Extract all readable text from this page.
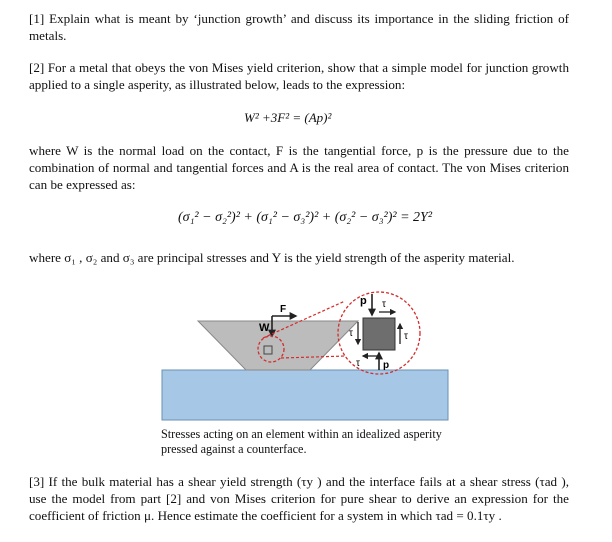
[1] Explain what is meant by ‘junction growth’ and discuss its importance in the sliding friction of metals.

[2] For a metal that obeys the von Mises yield criterion, show that a simple model for junction growth applied to a single asperity, as illustrated below, leads to the expression:

W² +3F² = (Ap)²

where W is the normal load on the contact, F is the tangential force, p is the pressure due to the combination of normal and tangential forces and A is the real area of contact. The von Mises criterion can be expressed as:

(σ₁² − σ₂²)² + (σ₁² − σ₃²)² + (σ₂² − σ₃²)² = 2Y²

where σ₁ , σ₂ and σ₃ are principal stresses and Y is the yield strength of the asperity material.

W
F
p τ
τ
τ
τ p

Stresses acting on an element within an idealized asperity pressed against a counterface.

[3] If the bulk material has a shear yield strength (τy ) and the interface fails at a shear stress (τad ), use the model from part [2] and von Mises criterion for pure shear to derive an expression for the coefficient of friction μ. Hence estimate the coefficient for a system in which τad = 0.1τy .
